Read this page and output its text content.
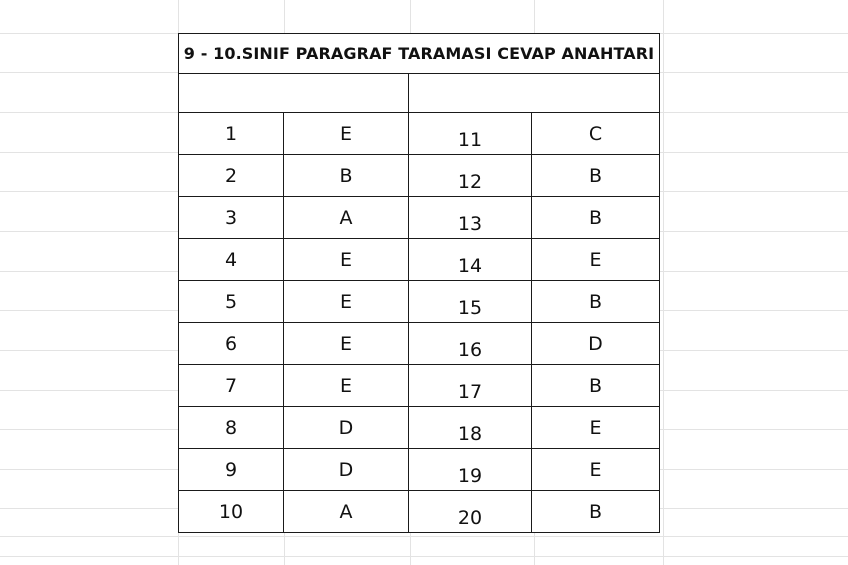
9 - 10.SINIF PARAGRAF TARAMASI CEVAP ANAHTARI			

1	E	11	C
2	B	12	B
3	A	13	B
4	E	14	E
5	E	15	B
6	E	16	D
7	E	17	B
8	D	18	E
9	D	19	E
10	A	20	B
